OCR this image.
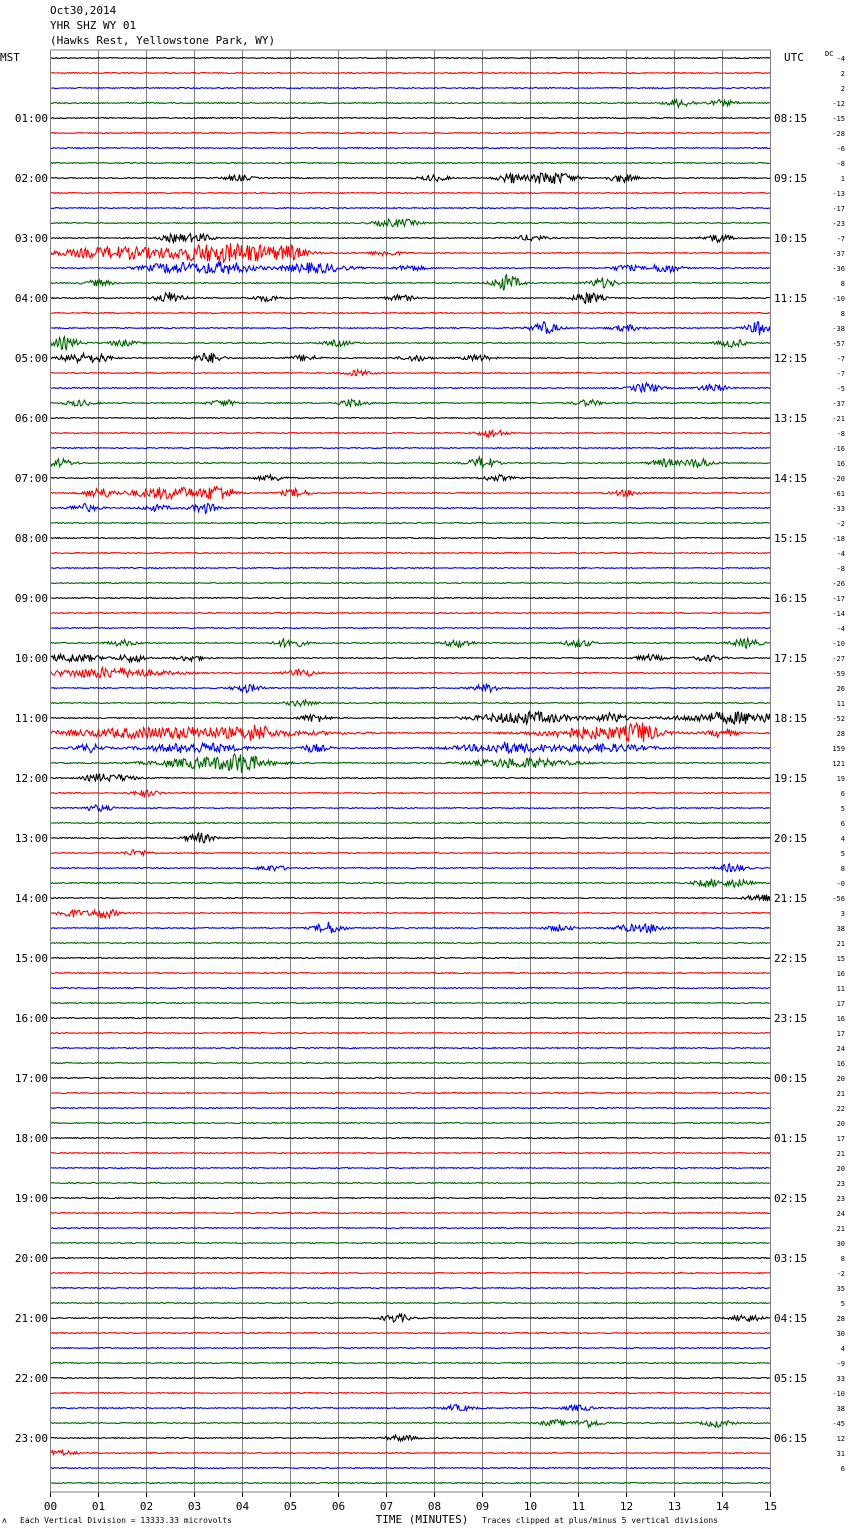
Oct30,2014
YHR SHZ WY 01
(Hawks Rest, Yellowstone Park, WY)
ʌ Each Vertical Division = 13333.33 microvolts	Traces clipped at plus/minus 5 vertical divisions
00	01	02	03	04	05	06	07	08	09	10	11	12	13	14	15
-4
2
2
-12
-15
01:00	08:15
-28
-6
-8
1
02:00	09:15
-13
-17
-23
-7
03:00	10:15
-37
-36
8
-10
04:00	11:15
8
-38
-57
-7
05:00	12:15
-7
-5
-37
-21
06:00	13:15
-8
-16
16
-20
07:00	14:15
-61
-33
-2
-18
08:00	15:15
-4
-8
-26
-17
09:00	16:15
-14
-4
-10
-27
10:00	17:15
-59
26
11
-52
11:00	18:15
28
159
121
19
12:00	19:15
6
5
6
4
13:00	20:15
5
8
-0
-56
14:00	21:15
3
38
21
15
15:00	22:15
16
11
17
16
16:00	23:15
17
24
16
20
17:00	00:15
21
22
20
17
18:00	01:15
21
20
23
23
19:00	02:15
24
21
30
8
20:00	03:15
-2
35
5
28
21:00	04:15
30
4
-9
33
22:00	05:15
-10
38
-45
12
23:00	06:15
31
6
MST	UTC	DC
TIME (MINUTES)
